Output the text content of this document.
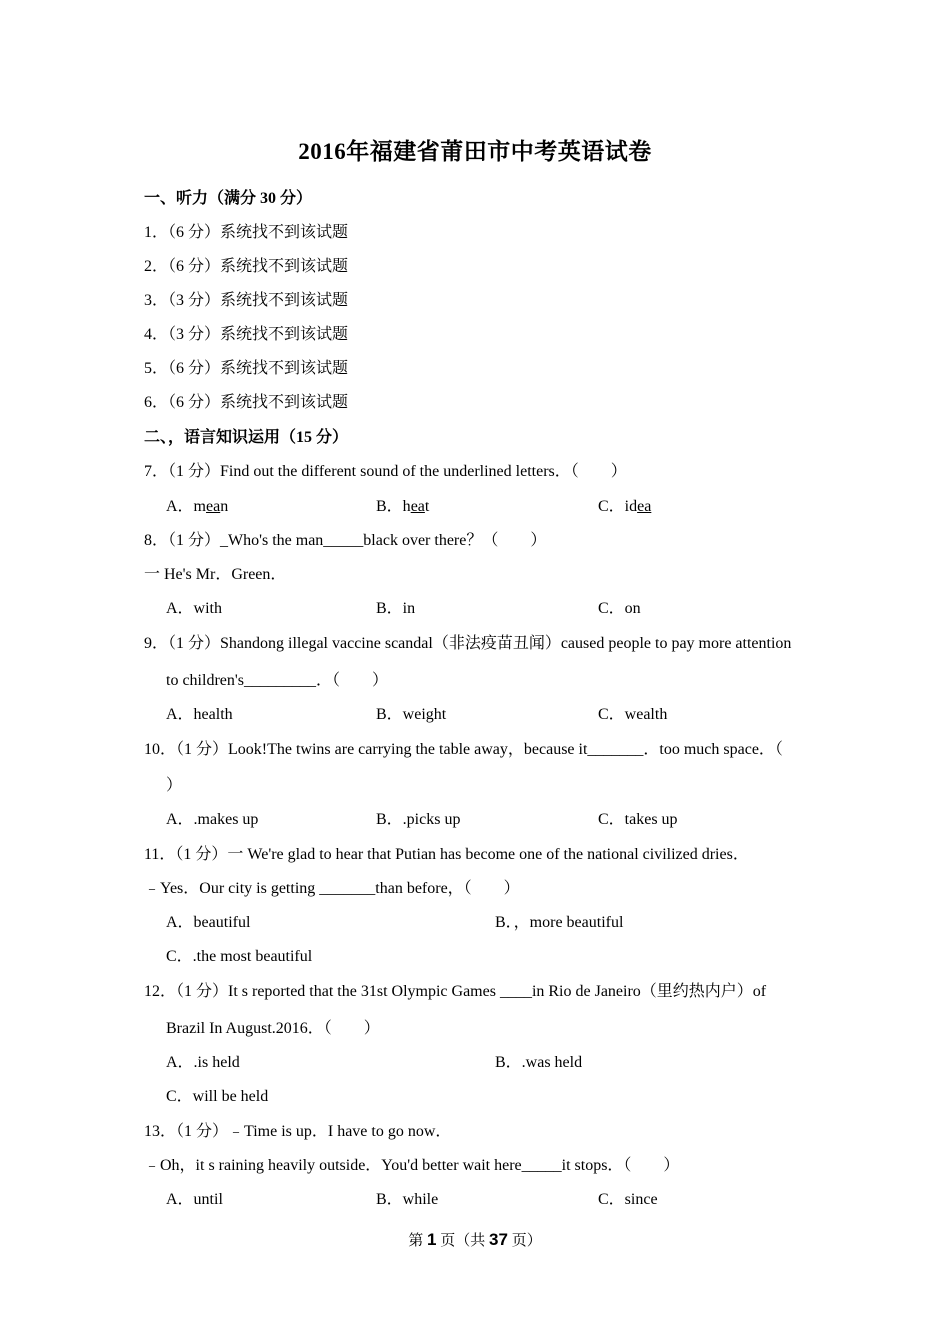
2016年福建省莆田市中考英语试卷
一、听力（满分 30 分）
1．（6 分）系统找不到该试题
2．（6 分）系统找不到该试题
3．（3 分）系统找不到该试题
4．（3 分）系统找不到该试题
5．（6 分）系统找不到该试题
6．（6 分）系统找不到该试题
二、，语言知识运用（15 分）
7．（1 分）Find out the different sound of the underlined letters．（　　）
A．mean	B．heat	C．idea
8．（1 分）_Who's the man_____black over there？（　　）
一 He's Mr．Green．
A．with	B．in	C．on
9．（1 分）Shandong illegal vaccine scandal（非法疫苗丑闻）caused people to pay more attention
to children's_________．（　　）
A．health	B．weight	C．wealth
10．（1 分）Look!The twins are carrying the table away，because it_______．too much space．（
）
A．.makes up	B．.picks up	C．takes up
11．（1 分）一 We're glad to hear that Putian has become one of the national civilized dries．
﹣Yes．Our city is getting _______than before，（　　）
A．beautiful	B．，more beautiful
C．.the most beautiful
12．（1 分）It s reported that the 31st Olympic Games ____in Rio de Janeiro（里约热内户）of
Brazil In August.2016．（　　）
A．.is held	B．.was held
C．will be held
13．（1 分）﹣Time is up．I have to go now．
﹣Oh，it s raining heavily outside．You'd better wait here_____it stops．（　　）
A．until	B．while	C．since
第 1 页（共 37 页）
